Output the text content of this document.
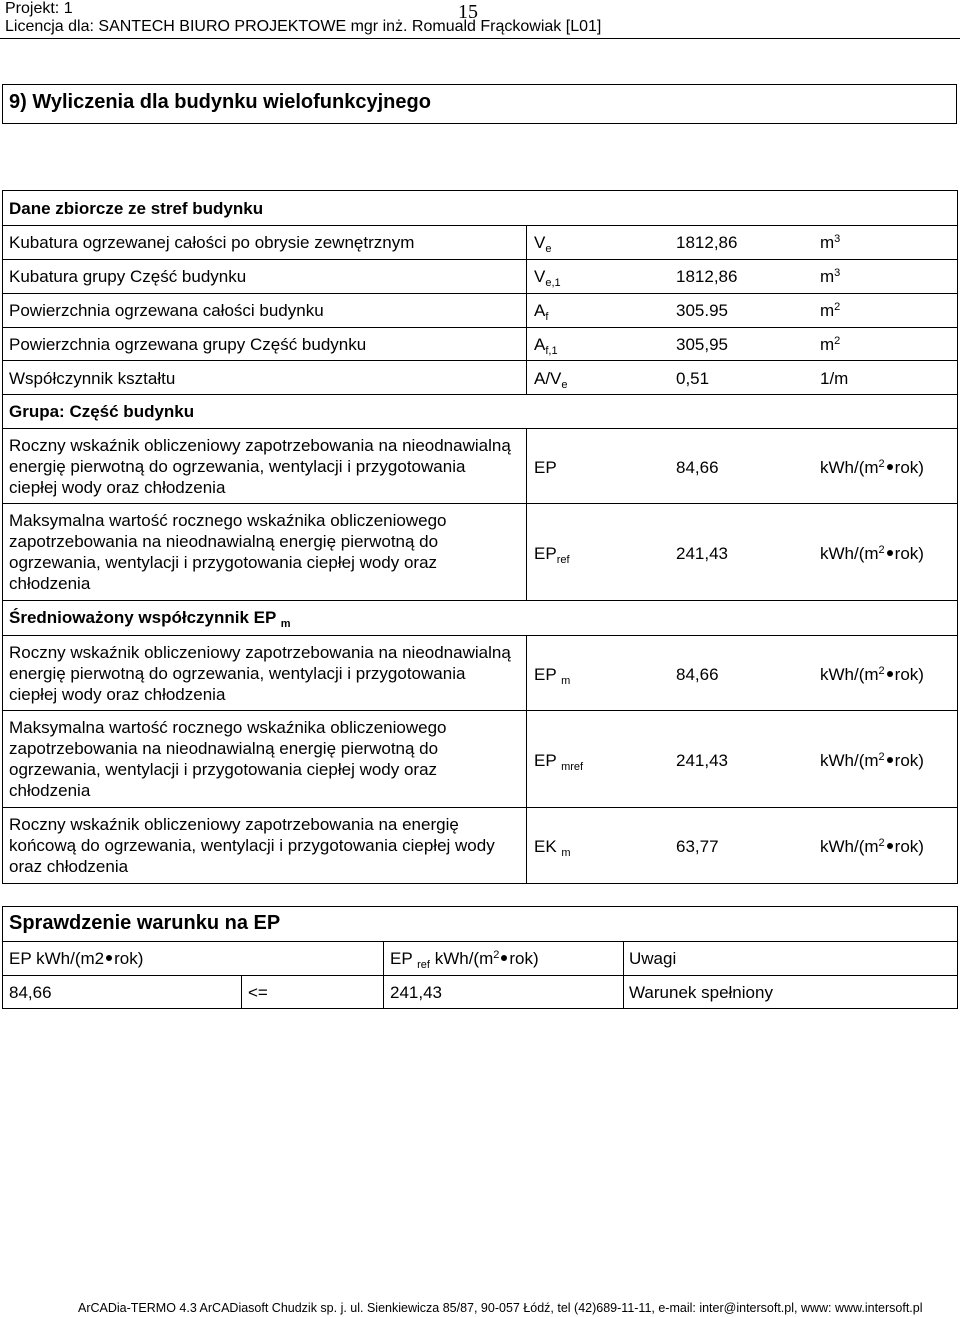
Projekt: 1	15
Licencja dla: SANTECH BIURO PROJEKTOWE mgr inż. Romuald Frąckowiak [L01]
9) Wyliczenia dla budynku wielofunkcyjnego
Dane zbiorcze ze stref budynku
Kubatura ogrzewanej całości po obrysie zewnętrznym	$V_e$	1812,86	$m^3$
Kubatura grupy Część budynku	$V_{e,1}$	1812,86	$m^3$
Powierzchnia ogrzewana całości budynku	$A_f$	305.95	$m^2$
Powierzchnia ogrzewana grupy Część budynku	$A_{f,1}$	305,95	$m^2$
Współczynnik kształtu	$A/V_e$	0,51	1/m
Grupa: Część budynku
Roczny wskaźnik obliczeniowy zapotrzebowania na nieodnawialną energię pierwotną do ogrzewania, wentylacji i przygotowania ciepłej wody oraz chłodzenia
EP	84,66	kWh/($m^2$ rok)
Maksymalna wartość rocznego wskaźnika obliczeniowego zapotrzebowania na nieodnawialną energię pierwotną do ogrzewania, wentylacji i przygotowania ciepłej wody oraz chłodzenia
$EP_{ref}$	241,43	kWh/($m^2$ rok)
Średnioważony współczynnik EP $_m$
Roczny wskaźnik obliczeniowy zapotrzebowania na nieodnawialną energię pierwotną do ogrzewania, wentylacji i przygotowania ciepłej wody oraz chłodzenia
EP $_m$	84,66	kWh/($m^2$ rok)
Maksymalna wartość rocznego wskaźnika obliczeniowego zapotrzebowania na nieodnawialną energię pierwotną do ogrzewania, wentylacji i przygotowania ciepłej wody oraz chłodzenia
EP $_{mref}$	241,43	kWh/($m^2$ rok)
Roczny wskaźnik obliczeniowy zapotrzebowania na energię końcową do ogrzewania, wentylacji i przygotowania ciepłej wody oraz chłodzenia
EK $_m$	63,77	kWh/($m^2$ rok)
Sprawdzenie warunku na EP
EP kWh/(m2 rok)	EP $_{ref}$ kWh/($m^2$ rok)	Uwagi
84,66	<=	241,43	Warunek spełniony
ArCADia-TERMO 4.3 ArCADiasoft Chudzik sp. j. ul. Sienkiewicza 85/87, 90-057 Łódź, tel (42)689-11-11, e-mail: inter@intersoft.pl, www: www.intersoft.pl
